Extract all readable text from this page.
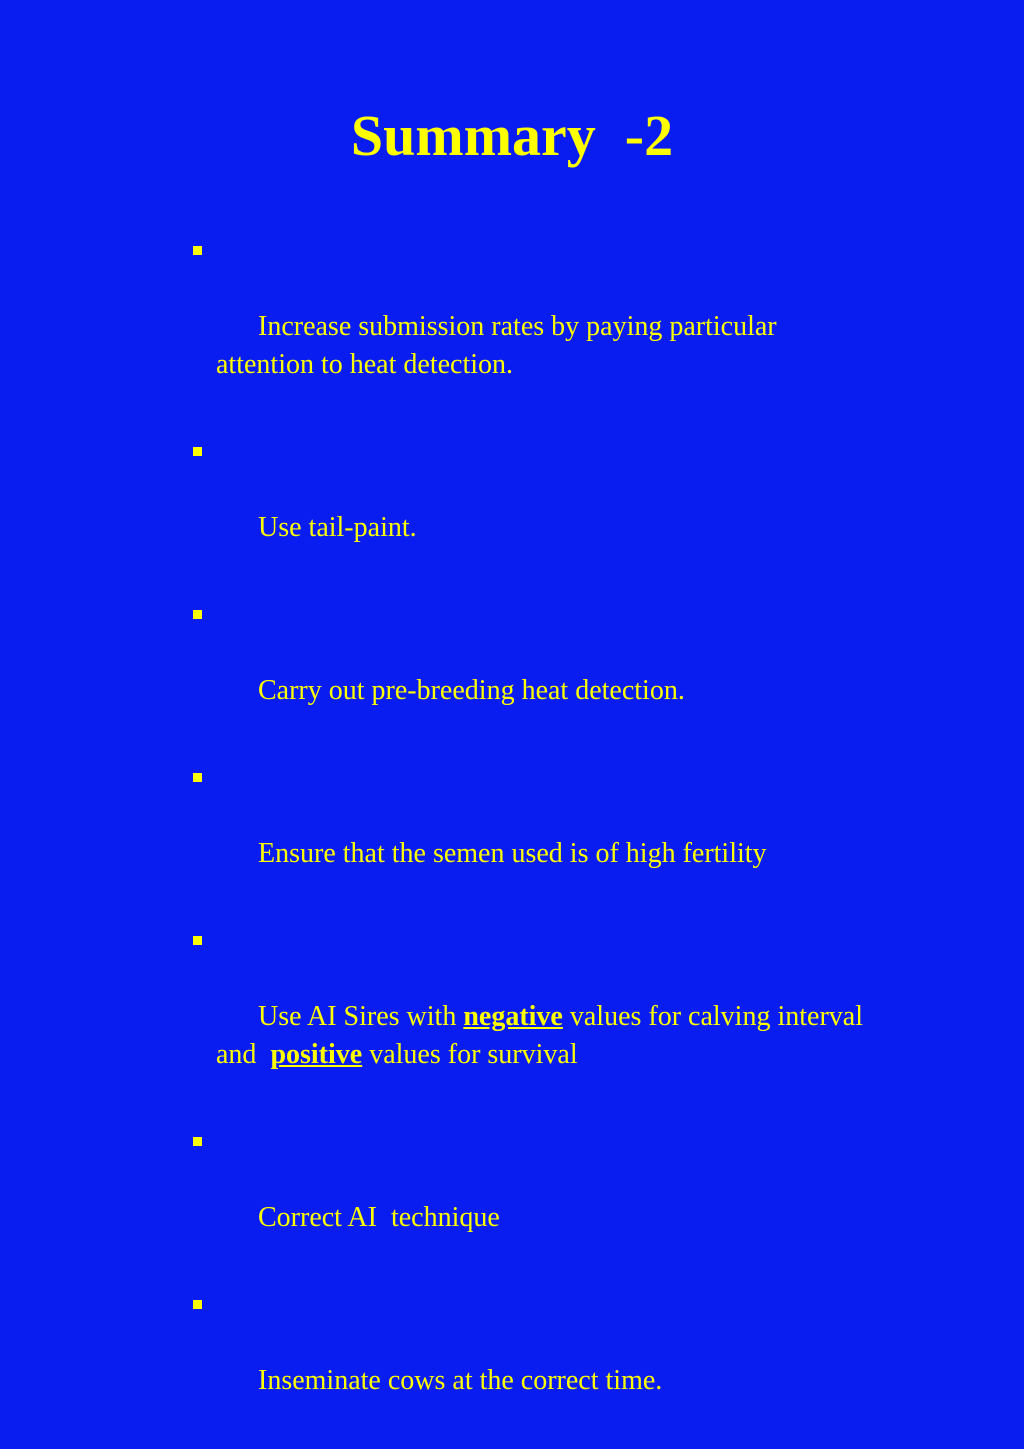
Summary  -2

Increase submission rates by paying particular attention to heat detection.

Use tail-paint.

Carry out pre-breeding heat detection.

Ensure that the semen used is of high fertility

Use AI Sires with negative values for calving interval and  positive values for survival

Correct AI  technique

Inseminate cows at the correct time.
